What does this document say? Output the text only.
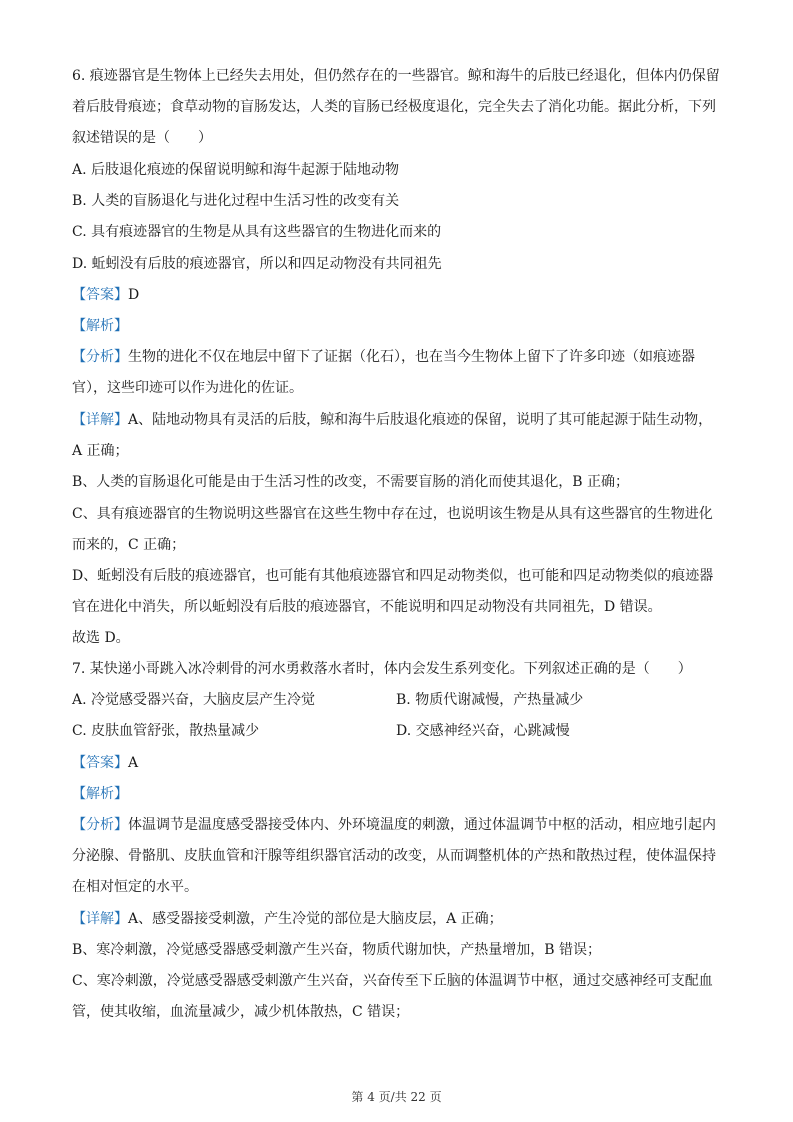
6. 痕迹器官是生物体上已经失去用处，但仍然存在的一些器官。鲸和海牛的后肢已经退化，但体内仍保留
着后肢骨痕迹；食草动物的盲肠发达，人类的盲肠已经极度退化，完全失去了消化功能。据此分析，下列
叙述错误的是（　　）
A. 后肢退化痕迹的保留说明鲸和海牛起源于陆地动物
B. 人类的盲肠退化与进化过程中生活习性的改变有关
C. 具有痕迹器官的生物是从具有这些器官的生物进化而来的
D. 蚯蚓没有后肢的痕迹器官，所以和四足动物没有共同祖先
【答案】D
【解析】
【分析】生物的进化不仅在地层中留下了证据（化石），也在当今生物体上留下了许多印迹（如痕迹器
官），这些印迹可以作为进化的佐证。
【详解】A、陆地动物具有灵活的后肢，鲸和海牛后肢退化痕迹的保留，说明了其可能起源于陆生动物，
A 正确；
B、人类的盲肠退化可能是由于生活习性的改变，不需要盲肠的消化而使其退化，B 正确；
C、具有痕迹器官的生物说明这些器官在这些生物中存在过，也说明该生物是从具有这些器官的生物进化
而来的，C 正确；
D、蚯蚓没有后肢的痕迹器官，也可能有其他痕迹器官和四足动物类似，也可能和四足动物类似的痕迹器
官在进化中消失，所以蚯蚓没有后肢的痕迹器官，不能说明和四足动物没有共同祖先，D 错误。
故选 D。
7. 某快递小哥跳入冰冷刺骨的河水勇救落水者时，体内会发生系列变化。下列叙述正确的是（　　）
A. 冷觉感受器兴奋，大脑皮层产生冷觉	B. 物质代谢减慢，产热量减少
C. 皮肤血管舒张，散热量减少	D. 交感神经兴奋，心跳减慢
【答案】A
【解析】
【分析】体温调节是温度感受器接受体内、外环境温度的刺激，通过体温调节中枢的活动，相应地引起内
分泌腺、骨骼肌、皮肤血管和汗腺等组织器官活动的改变，从而调整机体的产热和散热过程，使体温保持
在相对恒定的水平。
【详解】A、感受器接受刺激，产生冷觉的部位是大脑皮层，A 正确；
B、寒冷刺激，冷觉感受器感受刺激产生兴奋，物质代谢加快，产热量增加，B 错误；
C、寒冷刺激，冷觉感受器感受刺激产生兴奋，兴奋传至下丘脑的体温调节中枢，通过交感神经可支配血
管，使其收缩，血流量减少，减少机体散热，C 错误；
第 4 页/共 22 页
